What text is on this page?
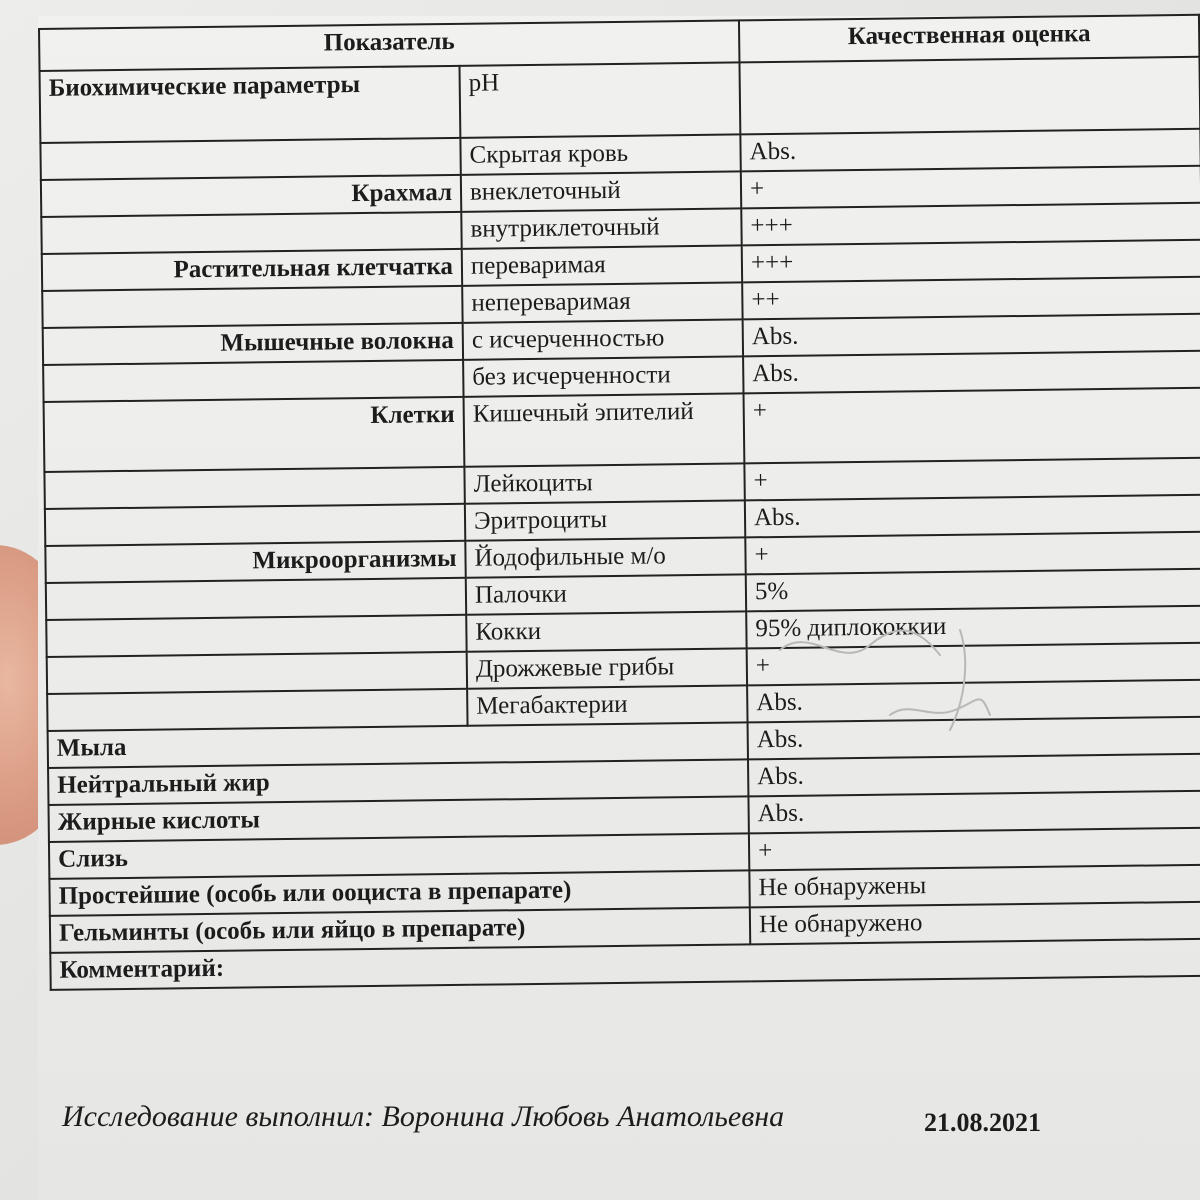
Показатель		Качественная оценка
Биохимические параметры	pH	
	Скрытая кровь	Abs.
Крахмал	внеклеточный	+
	внутриклеточный	+++
Растительная клетчатка	переваримая	+++
	непереваримая	++
Мышечные волокна	с исчерченностью	Abs.
	без исчерченности	Abs.
Клетки	Кишечный эпителий	+
	Лейкоциты	+
	Эритроциты	Abs.
Микроорганизмы	Йодофильные м/о	+
	Палочки	5%
	Кокки	95% диплококкии
	Дрожжевые грибы	+
	Мегабактерии	Abs.
Мыла		Abs.
Нейтральный жир		Abs.
Жирные кислоты		Abs.
Слизь		+
Простейшие (особь или ооциста в препарате)		Не обнаружены
Гельминты (особь или яйцо в препарате)		Не обнаружено
Комментарий:		
Исследование выполнил: Воронина Любовь Анатольевна	21.08.2021
